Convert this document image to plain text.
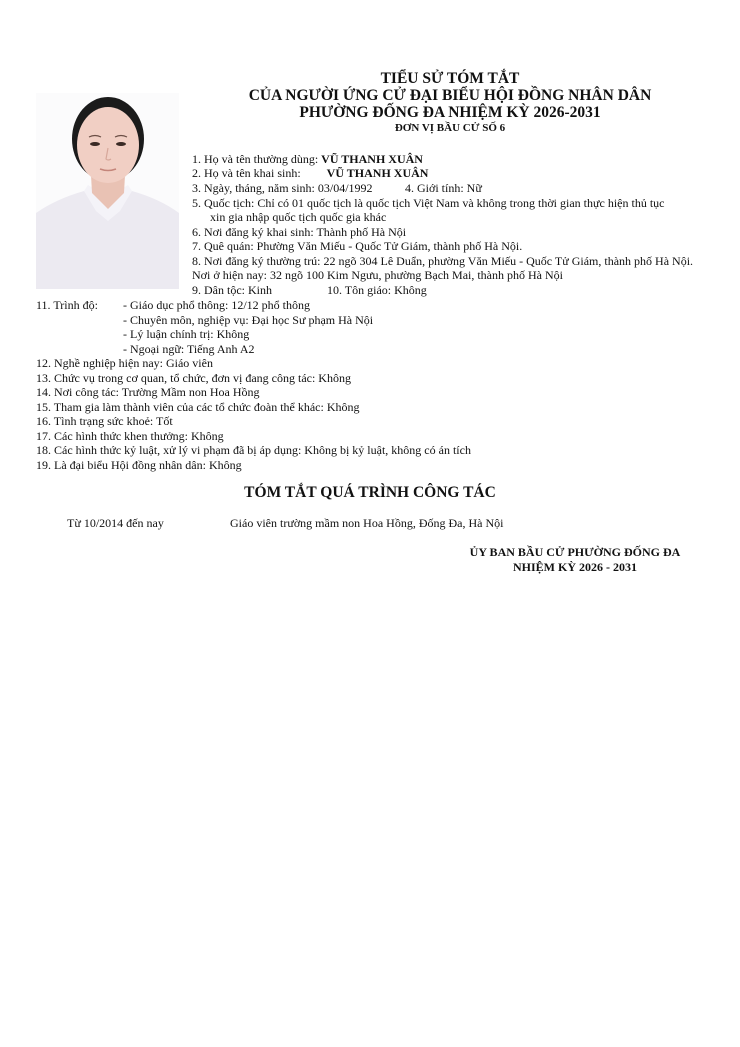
TIỂU SỬ TÓM TẮT
CỦA NGƯỜI ỨNG CỬ ĐẠI BIỂU HỘI ĐỒNG NHÂN DÂN
PHƯỜNG ĐỐNG ĐA NHIỆM KỲ 2026-2031
ĐƠN VỊ BẦU CỬ SỐ 6
1. Họ và tên thường dùng: VŨ THANH XUÂN
2. Họ và tên khai sinh: VŨ THANH XUÂN
3. Ngày, tháng, năm sinh: 03/04/1992	4. Giới tính: Nữ
5. Quốc tịch: Chỉ có 01 quốc tịch là quốc tịch Việt Nam và không trong thời gian thực hiện thủ tục
xin gia nhập quốc tịch quốc gia khác
6. Nơi đăng ký khai sinh: Thành phố Hà Nội
7. Quê quán: Phường Văn Miếu - Quốc Tử Giám, thành phố Hà Nội.
8. Nơi đăng ký thường trú: 22 ngõ 304 Lê Duẩn, phường Văn Miếu - Quốc Tử Giám, thành phố Hà Nội.
Nơi ở hiện nay: 32 ngõ 100 Kim Ngưu, phường Bạch Mai, thành phố Hà Nội
9. Dân tộc: Kinh	10. Tôn giáo: Không
11. Trình độ: - Giáo dục phổ thông: 12/12 phổ thông
- Chuyên môn, nghiệp vụ: Đại học Sư phạm Hà Nội
- Lý luận chính trị: Không
- Ngoại ngữ: Tiếng Anh A2
12. Nghề nghiệp hiện nay: Giáo viên
13. Chức vụ trong cơ quan, tổ chức, đơn vị đang công tác: Không
14. Nơi công tác: Trường Mầm non Hoa Hồng
15. Tham gia làm thành viên của các tổ chức đoàn thể khác: Không
16. Tình trạng sức khoẻ: Tốt
17. Các hình thức khen thưởng: Không
18. Các hình thức kỷ luật, xử lý vi phạm đã bị áp dụng: Không bị kỷ luật, không có án tích
19. Là đại biểu Hội đồng nhân dân: Không
TÓM TẮT QUÁ TRÌNH CÔNG TÁC
Từ 10/2014 đến nay	Giáo viên trường mầm non Hoa Hồng, Đống Đa, Hà Nội
ỦY BAN BẦU CỬ PHƯỜNG ĐỐNG ĐA
NHIỆM KỲ 2026 - 2031
